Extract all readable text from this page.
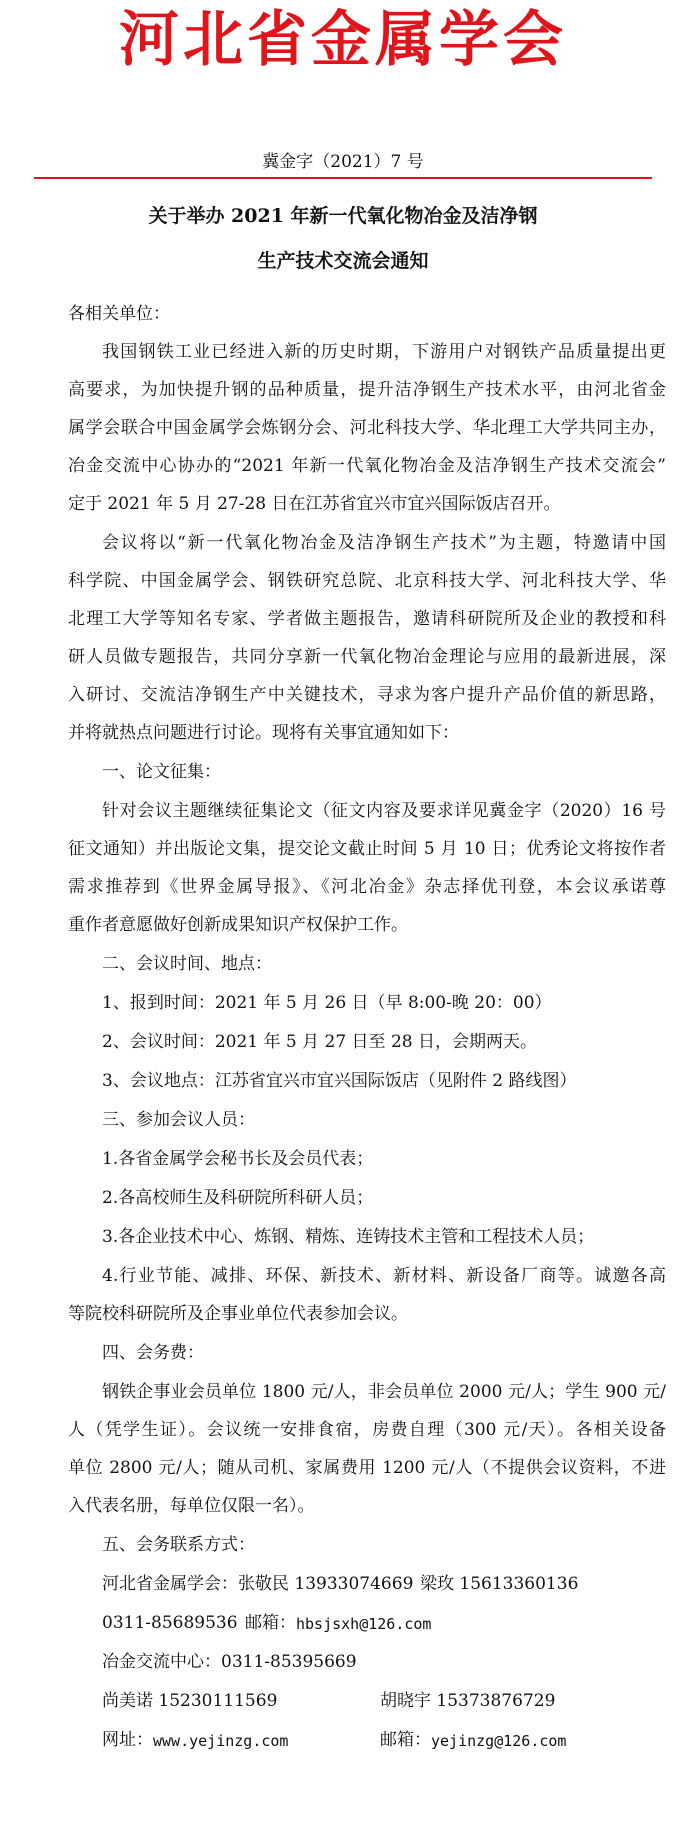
河北省金属学会
冀金字（2021）7 号
关于举办 2021 年新一代氧化物冶金及洁净钢
生产技术交流会通知
各相关单位：
我国钢铁工业已经进入新的历史时期，下游用户对钢铁产品质量提出更
高要求，为加快提升钢的品种质量，提升洁净钢生产技术水平，由河北省金
属学会联合中国金属学会炼钢分会、河北科技大学、华北理工大学共同主办，
冶金交流中心协办的“2021 年新一代氧化物冶金及洁净钢生产技术交流会”
定于 2021 年 5 月 27-28 日在江苏省宜兴市宜兴国际饭店召开。
会议将以“新一代氧化物冶金及洁净钢生产技术”为主题，特邀请中国
科学院、中国金属学会、钢铁研究总院、北京科技大学、河北科技大学、华
北理工大学等知名专家、学者做主题报告，邀请科研院所及企业的教授和科
研人员做专题报告，共同分享新一代氧化物冶金理论与应用的最新进展，深
入研讨、交流洁净钢生产中关键技术，寻求为客户提升产品价值的新思路，
并将就热点问题进行讨论。现将有关事宜通知如下：
一、论文征集：
针对会议主题继续征集论文（征文内容及要求详见冀金字（2020）16 号
征文通知）并出版论文集，提交论文截止时间 5 月 10 日；优秀论文将按作者
需求推荐到《世界金属导报》、《河北冶金》杂志择优刊登，本会议承诺尊
重作者意愿做好创新成果知识产权保护工作。
二、会议时间、地点：
1、报到时间：2021 年 5 月 26 日（早 8:00-晚 20：00）
2、会议时间：2021 年 5 月 27 日至 28 日，会期两天。
3、会议地点：江苏省宜兴市宜兴国际饭店（见附件 2 路线图）
三、参加会议人员：
1.各省金属学会秘书长及会员代表；
2.各高校师生及科研院所科研人员；
3.各企业技术中心、炼钢、精炼、连铸技术主管和工程技术人员；
4.行业节能、减排、环保、新技术、新材料、新设备厂商等。诚邀各高
等院校科研院所及企事业单位代表参加会议。
四、会务费：
钢铁企事业会员单位 1800 元/人，非会员单位 2000 元/人；学生 900 元/
人（凭学生证）。会议统一安排食宿，房费自理（300 元/天）。各相关设备
单位 2800 元/人；随从司机、家属费用 1200 元/人（不提供会议资料，不进
入代表名册，每单位仅限一名）。
五、会务联系方式：
河北省金属学会：张敬民 13933074669 梁玫 15613360136
0311-85689536 邮箱： hbsjsxh@126.com
冶金交流中心：0311-85395669
尚美诺 15230111569	胡晓宇 15373876729
网址： www.yejinzg.com	邮箱： yejinzg@126.com
